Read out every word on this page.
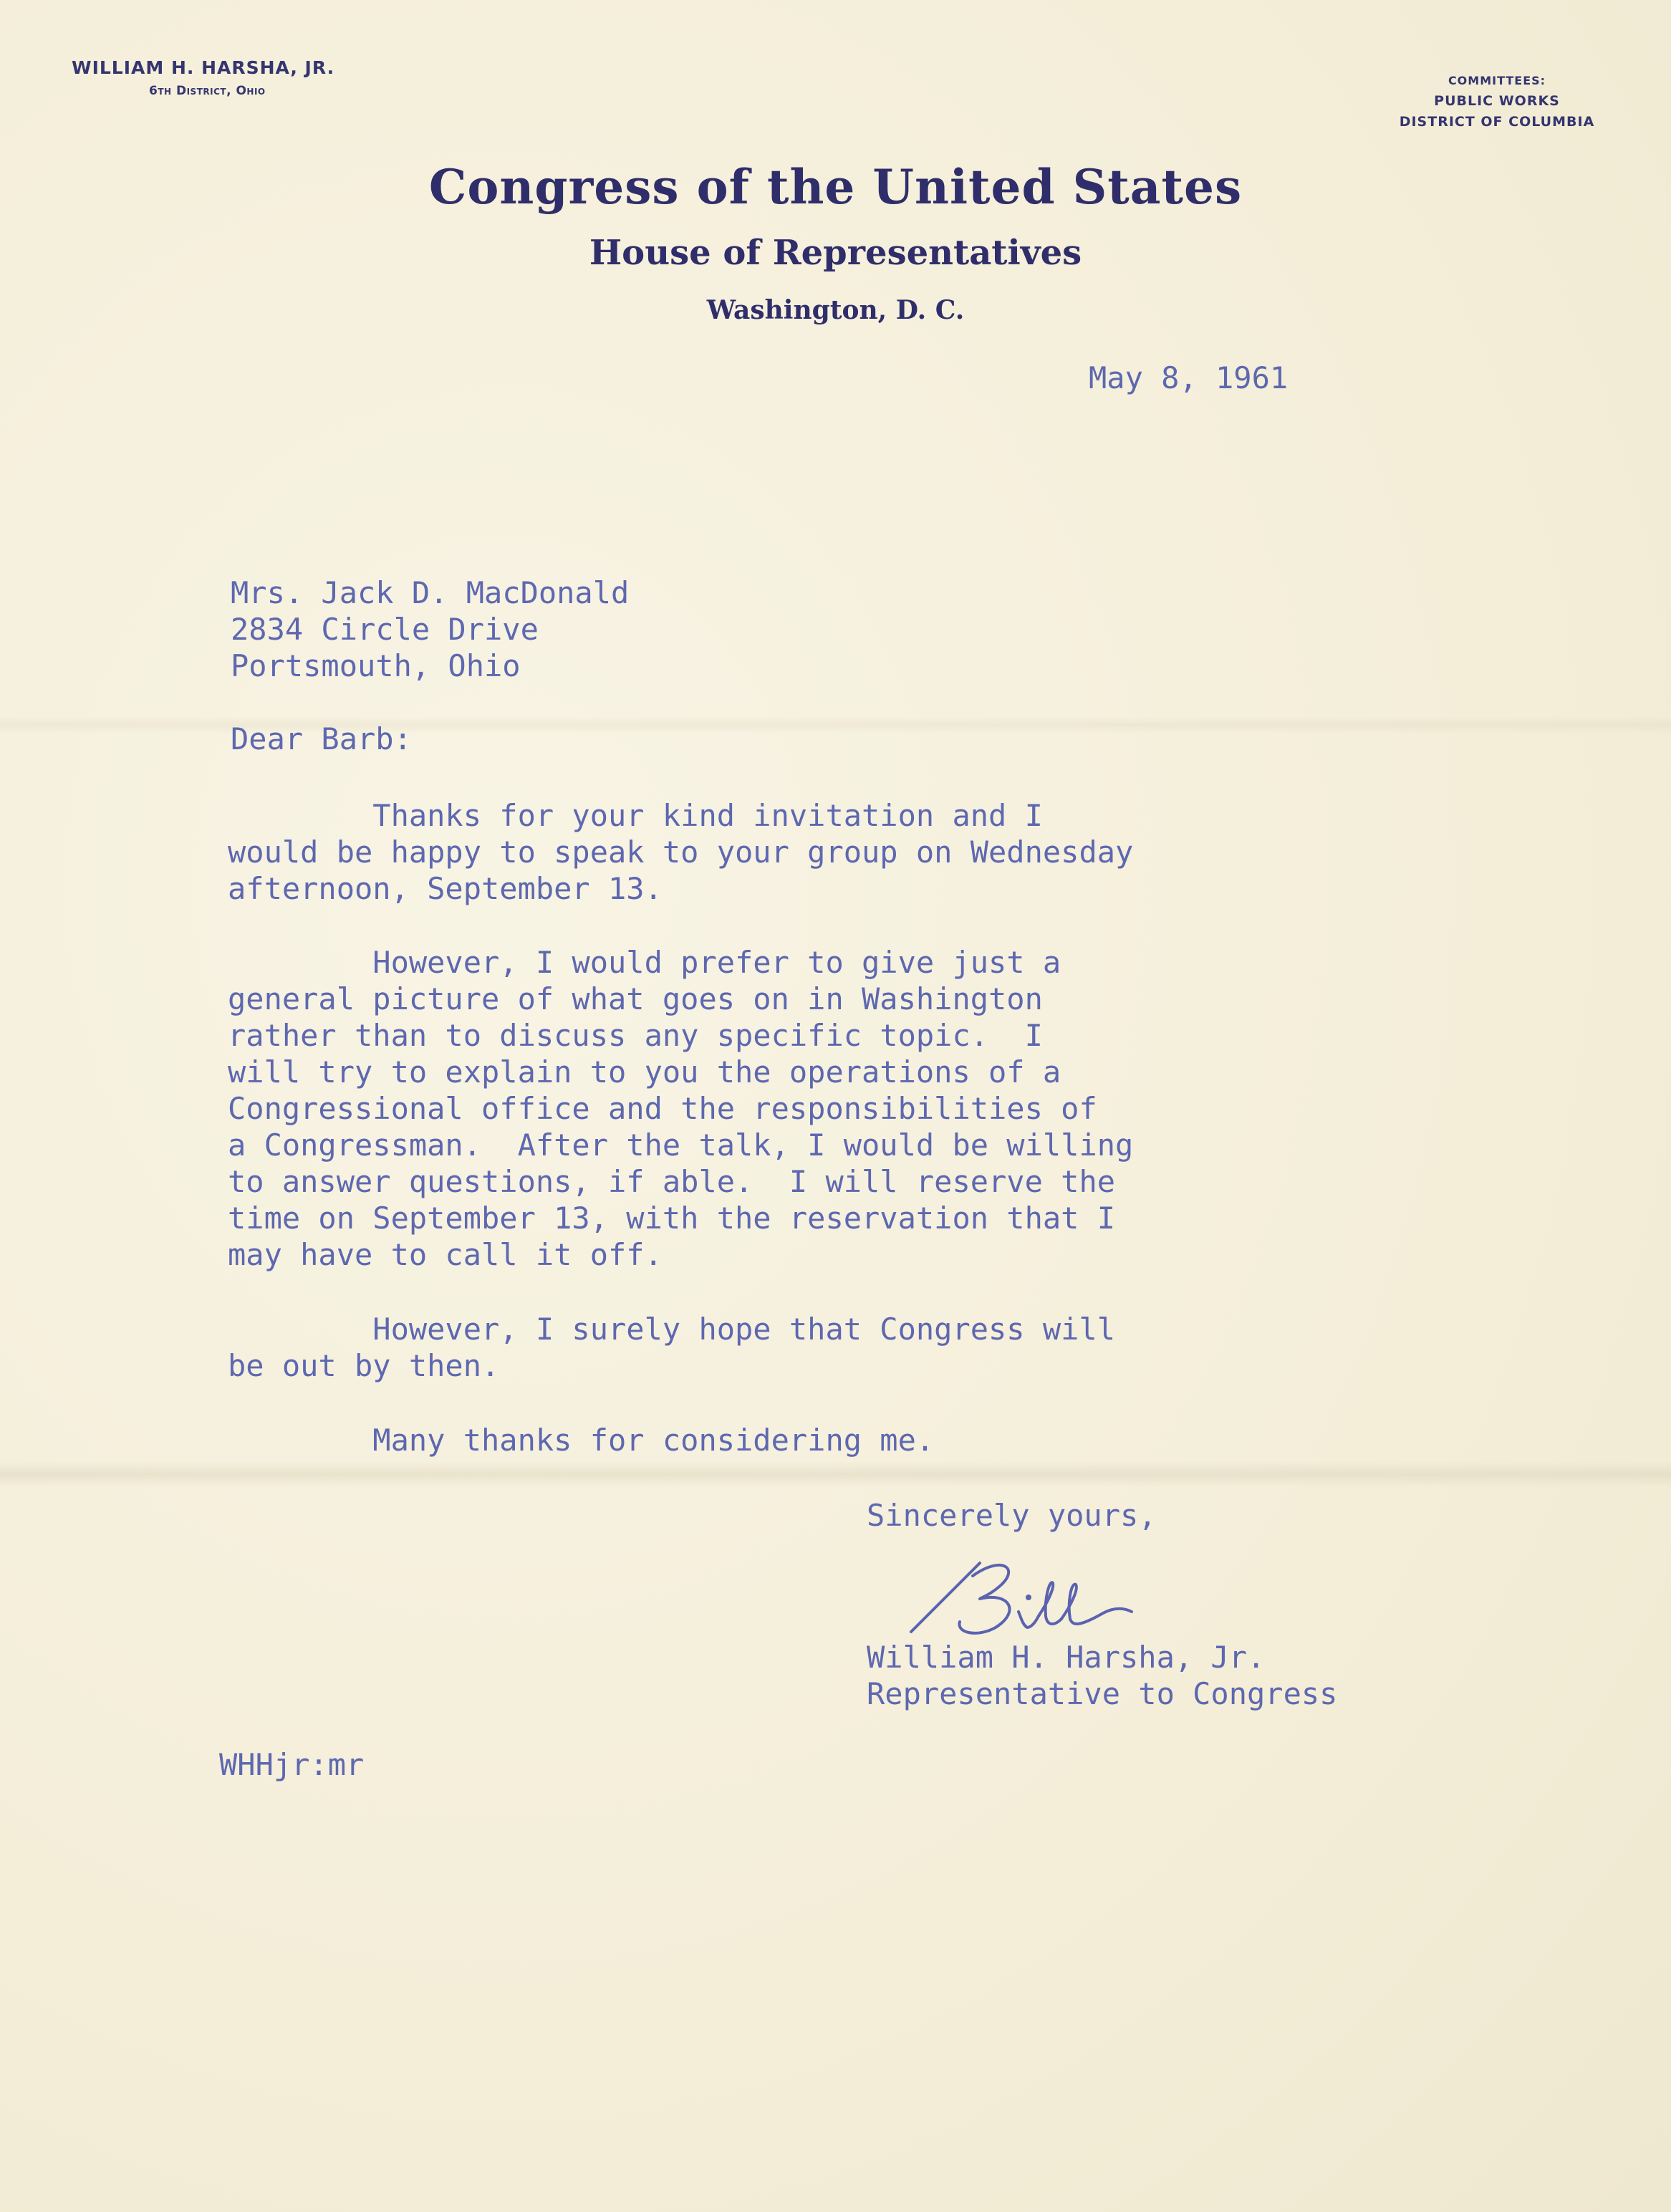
WILLIAM H. HARSHA, JR.
6th District, Ohio
COMMITTEES:
PUBLIC WORKS
DISTRICT OF COLUMBIA
Congress of the United States
House of Representatives
Washington, D. C.
May 8, 1961
Mrs. Jack D. MacDonald
2834 Circle Drive
Portsmouth, Ohio
Dear Barb:
Thanks for your kind invitation and I
would be happy to speak to your group on Wednesday
afternoon, September 13.
However, I would prefer to give just a
general picture of what goes on in Washington
rather than to discuss any specific topic.  I
will try to explain to you the operations of a
Congressional office and the responsibilities of
a Congressman.  After the talk, I would be willing
to answer questions, if able.  I will reserve the
time on September 13, with the reservation that I
may have to call it off.
However, I surely hope that Congress will
be out by then.
Many thanks for considering me.
Sincerely yours,
William H. Harsha, Jr.
Representative to Congress
WHHjr:mr
